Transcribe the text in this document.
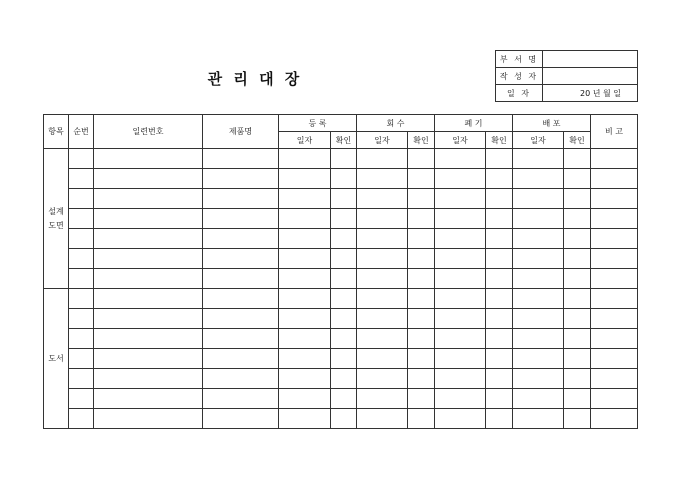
관 리 대 장
부 서 명	
작 성 자	
일 자	20 년 월 일
항목	순번	일련번호	제품명	등 록		회 수		폐 기		배 포		비 고
				일자	확인	일자	확인	일자	확인	일자	확인	

설계
도면												

도서												
